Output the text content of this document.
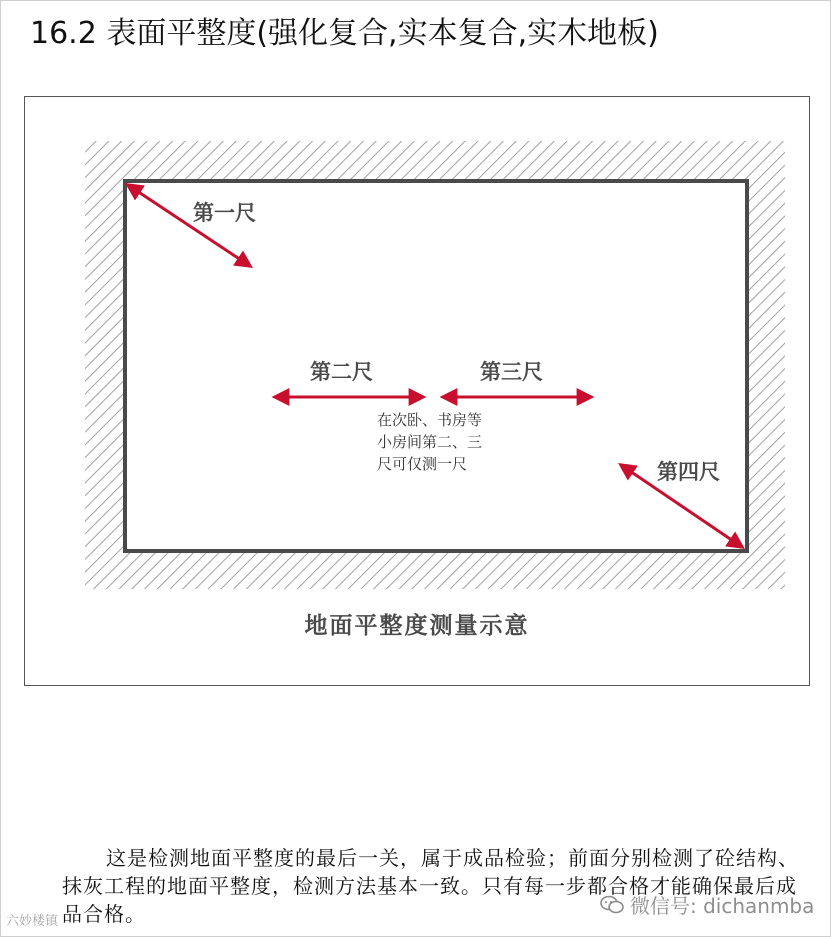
16.2 表面平整度(强化复合,实本复合,实木地板)
第一尺
第二尺	第三尺
在次卧、书房等
小房间第二、三
尺可仅测一尺	第四尺
地面平整度测量示意
这是检测地面平整度的最后一关，属于成品检验；前面分别检测了砼结构、抹灰工程的地面平整度，检测方法基本一致。只有每一步都合格才能确保最后成品合格。
六妙楼镇
微信号: dichanmba
